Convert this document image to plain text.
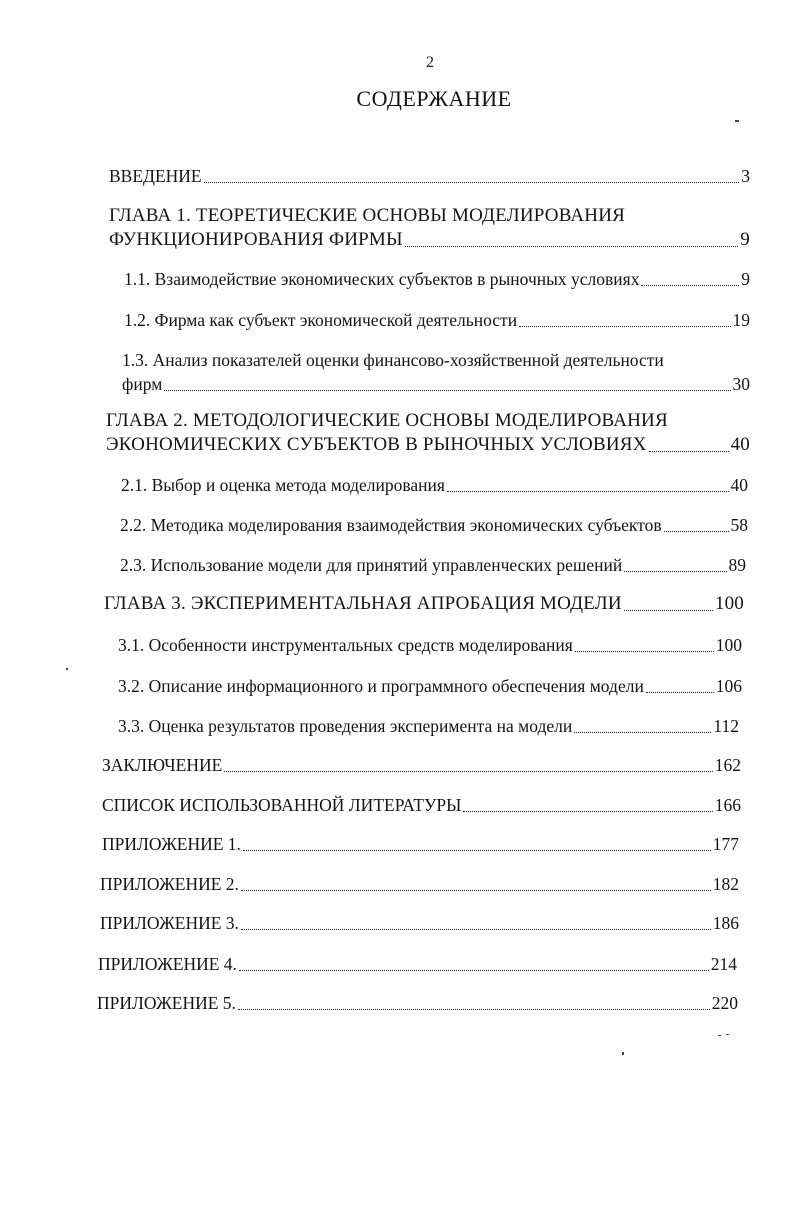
2
СОДЕРЖАНИЕ
ВВЕДЕНИЕ	3
ГЛАВА 1. ТЕОРЕТИЧЕСКИЕ ОСНОВЫ МОДЕЛИРОВАНИЯ
ФУНКЦИОНИРОВАНИЯ ФИРМЫ	9
1.1. Взаимодействие экономических субъектов в рыночных условиях	9
1.2. Фирма как субъект экономической деятельности	19
1.3. Анализ показателей оценки финансово-хозяйственной деятельности
фирм	30
ГЛАВА 2. МЕТОДОЛОГИЧЕСКИЕ ОСНОВЫ МОДЕЛИРОВАНИЯ
ЭКОНОМИЧЕСКИХ СУБЪЕКТОВ В РЫНОЧНЫХ УСЛОВИЯХ	40
2.1. Выбор и оценка метода моделирования	40
2.2. Методика моделирования взаимодействия экономических субъектов	58
2.3. Использование модели для принятий управленческих решений	89
ГЛАВА 3. ЭКСПЕРИМЕНТАЛЬНАЯ АПРОБАЦИЯ МОДЕЛИ	100
3.1. Особенности инструментальных средств моделирования	100
3.2. Описание информационного и программного обеспечения модели	106
3.3. Оценка результатов проведения эксперимента на модели	112
ЗАКЛЮЧЕНИЕ	162
СПИСОК ИСПОЛЬЗОВАННОЙ ЛИТЕРАТУРЫ	166
ПРИЛОЖЕНИЕ 1.	177
ПРИЛОЖЕНИЕ 2.	182
ПРИЛОЖЕНИЕ 3.	186
ПРИЛОЖЕНИЕ 4.	214
ПРИЛОЖЕНИЕ 5.	220
